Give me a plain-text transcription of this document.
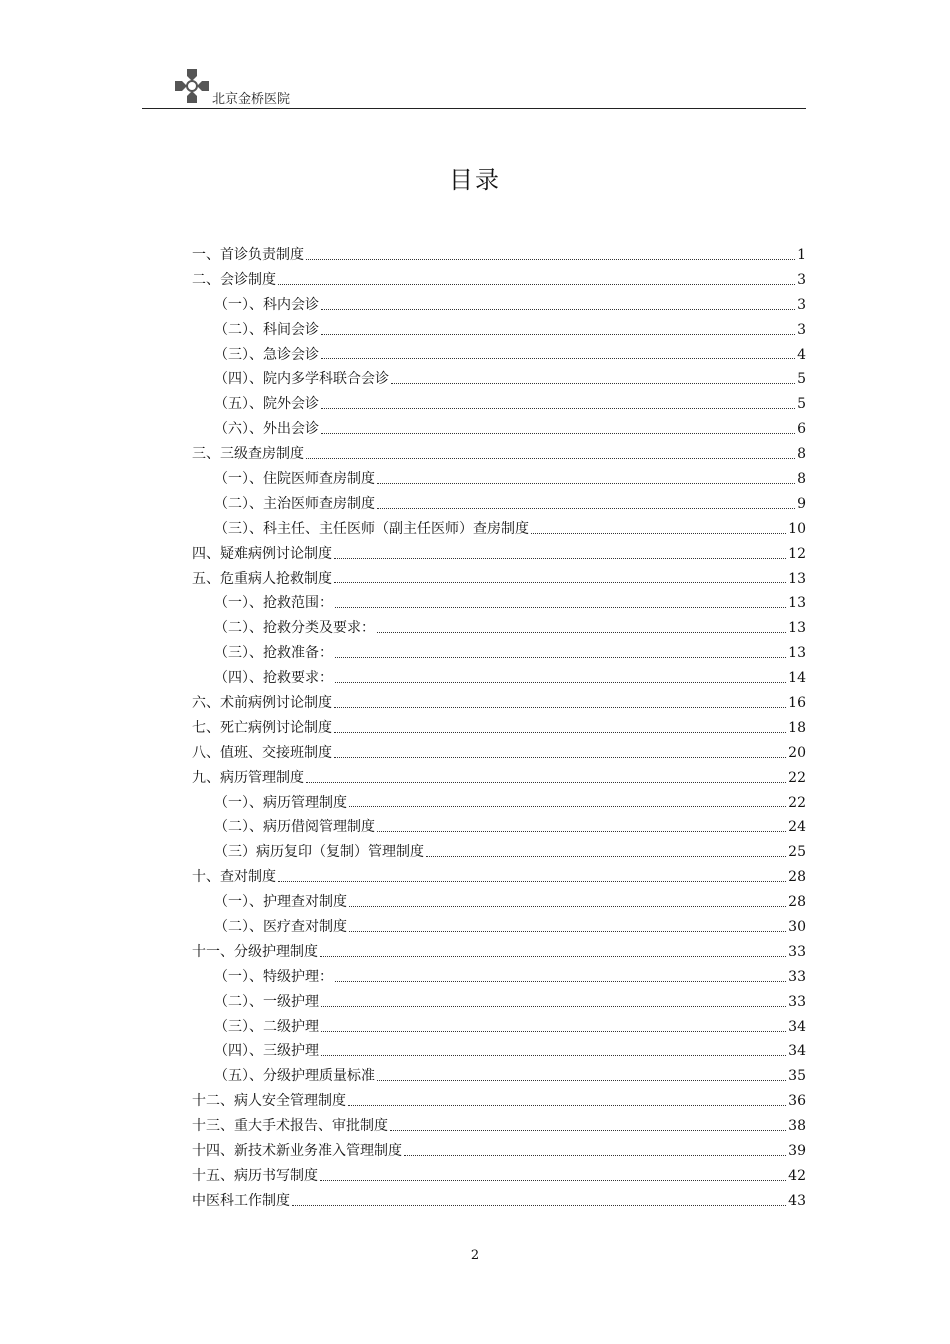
北京金桥医院
目录
一、首诊负责制度	1
二、会诊制度	3
（一）、科内会诊	3
（二）、科间会诊	3
（三）、急诊会诊	4
（四）、院内多学科联合会诊	5
（五）、院外会诊	5
（六）、外出会诊	6
三、三级查房制度	8
（一）、住院医师查房制度	8
（二）、主治医师查房制度	9
（三）、科主任、主任医师（副主任医师）查房制度	10
四、疑难病例讨论制度	12
五、危重病人抢救制度	13
（一）、抢救范围：	13
（二）、抢救分类及要求：	13
（三）、抢救准备：	13
（四）、抢救要求：	14
六、术前病例讨论制度	16
七、死亡病例讨论制度	18
八、值班、交接班制度	20
九、病历管理制度	22
（一）、病历管理制度	22
（二）、病历借阅管理制度	24
（三）病历复印（复制）管理制度	25
十、查对制度	28
（一）、护理查对制度	28
（二）、医疗查对制度	30
十一、分级护理制度	33
（一）、特级护理：	33
（二）、一级护理	33
（三）、二级护理	34
（四）、三级护理	34
（五）、分级护理质量标准	35
十二、病人安全管理制度	36
十三、重大手术报告、审批制度	38
十四、新技术新业务准入管理制度	39
十五、病历书写制度	42
中医科工作制度	43
2
